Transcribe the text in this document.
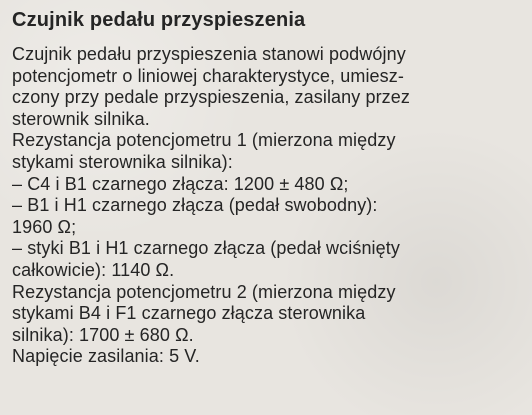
Czujnik pedału przyspieszenia
Czujnik pedału przyspieszenia stanowi podwójny
potencjometr o liniowej charakterystyce, umiesz-
czony przy pedale przyspieszenia, zasilany przez
sterownik silnika.
Rezystancja potencjometru 1 (mierzona między
stykami sterownika silnika):
– C4 i B1 czarnego złącza: 1200 ± 480 Ω;
– B1 i H1 czarnego złącza (pedał swobodny):
1960 Ω;
– styki B1 i H1 czarnego złącza (pedał wciśnięty
całkowicie): 1140 Ω.
Rezystancja potencjometru 2 (mierzona między
stykami B4 i F1 czarnego złącza sterownika
silnika): 1700 ± 680 Ω.
Napięcie zasilania: 5 V.
